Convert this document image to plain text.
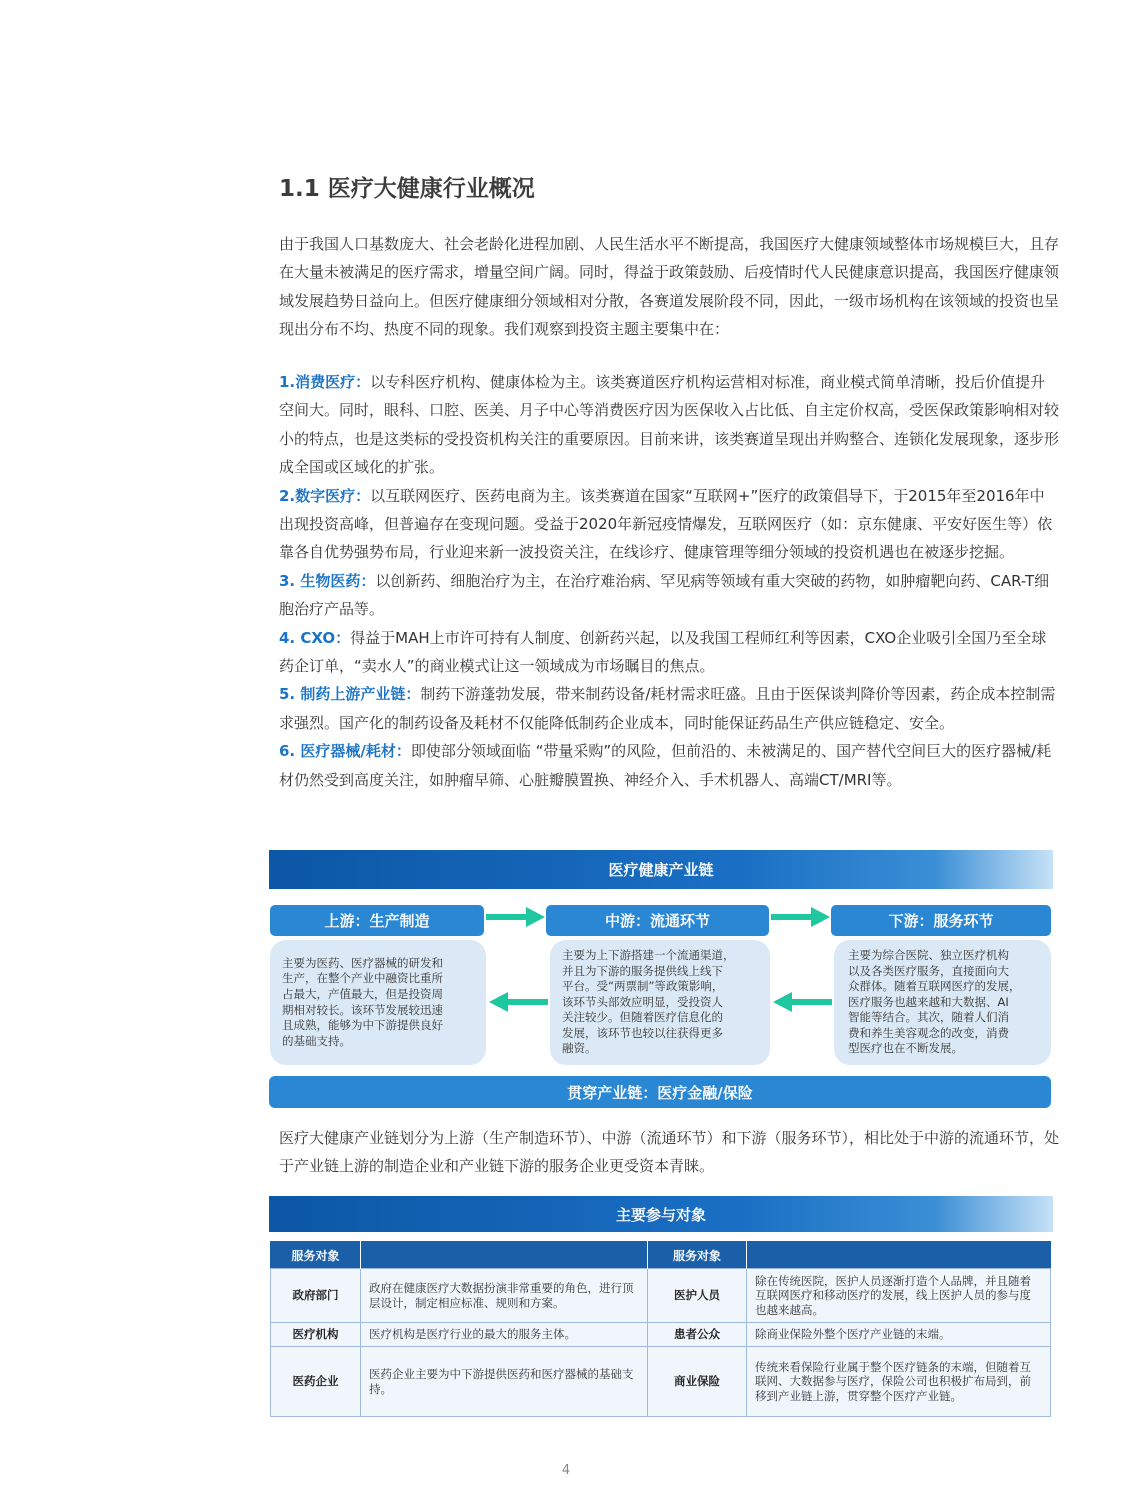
1.1 医疗大健康行业概况

由于我国人口基数庞大、社会老龄化进程加剧、人民生活水平不断提高，我国医疗大健康领域整体市场规模巨大，且存在大量未被满足的医疗需求，增量空间广阔。同时，得益于政策鼓励、后疫情时代人民健康意识提高，我国医疗健康领域发展趋势日益向上。但医疗健康细分领域相对分散，各赛道发展阶段不同，因此，一级市场机构在该领域的投资也呈现出分布不均、热度不同的现象。我们观察到投资主题主要集中在：

1.消费医疗：以专科医疗机构、健康体检为主。该类赛道医疗机构运营相对标准，商业模式简单清晰，投后价值提升空间大。同时，眼科、口腔、医美、月子中心等消费医疗因为医保收入占比低、自主定价权高，受医保政策影响相对较小的特点，也是这类标的受投资机构关注的重要原因。目前来讲，该类赛道呈现出并购整合、连锁化发展现象，逐步形成全国或区域化的扩张。

2.数字医疗：以互联网医疗、医药电商为主。该类赛道在国家“互联网+”医疗的政策倡导下，于2015年至2016年中出现投资高峰，但普遍存在变现问题。受益于2020年新冠疫情爆发，互联网医疗（如：京东健康、平安好医生等）依靠各自优势强势布局，行业迎来新一波投资关注，在线诊疗、健康管理等细分领域的投资机遇也在被逐步挖掘。

3. 生物医药：以创新药、细胞治疗为主，在治疗难治病、罕见病等领域有重大突破的药物，如肿瘤靶向药、CAR-T细胞治疗产品等。

4. CXO：得益于MAH上市许可持有人制度、创新药兴起，以及我国工程师红利等因素，CXO企业吸引全国乃至全球药企订单，“卖水人”的商业模式让这一领域成为市场瞩目的焦点。

5. 制药上游产业链：制药下游蓬勃发展，带来制药设备/耗材需求旺盛。且由于医保谈判降价等因素，药企成本控制需求强烈。国产化的制药设备及耗材不仅能降低制药企业成本，同时能保证药品生产供应链稳定、安全。

6. 医疗器械/耗材：即使部分领域面临 “带量采购”的风险，但前沿的、未被满足的、国产替代空间巨大的医疗器械/耗材仍然受到高度关注，如肿瘤早筛、心脏瓣膜置换、神经介入、手术机器人、高端CT/MRI等。

医疗健康产业链
上游：生产制造	中游：流通环节	下游：服务环节
主要为医药、医疗器械的研发和
生产，在整个产业中融资比重所
占最大，产值最大，但是投资周
期相对较长。该环节发展较迅速
且成熟，能够为中下游提供良好
的基础支持。
主要为上下游搭建一个流通渠道，
并且为下游的服务提供线上线下
平台。受“两票制”等政策影响，
该环节头部效应明显，受投资人
关注较少。但随着医疗信息化的
发展，该环节也较以往获得更多
融资。
主要为综合医院、独立医疗机构
以及各类医疗服务，直接面向大
众群体。随着互联网医疗的发展，
医疗服务也越来越和大数据、AI
智能等结合。其次，随着人们消
费和养生美容观念的改变，消费
型医疗也在不断发展。
贯穿产业链：医疗金融/保险

医疗大健康产业链划分为上游（生产制造环节）、中游（流通环节）和下游（服务环节），相比处于中游的流通环节，处于产业链上游的制造企业和产业链下游的服务企业更受资本青睐。

主要参与对象
服务对象		服务对象	
政府部门	政府在健康医疗大数据扮演非常重要的角色，进行顶层设计，制定相应标准、规则和方案。	医护人员	除在传统医院，医护人员逐渐打造个人品牌，并且随着互联网医疗和移动医疗的发展，线上医护人员的参与度也越来越高。
医疗机构	医疗机构是医疗行业的最大的服务主体。	患者公众	除商业保险外整个医疗产业链的末端。
医药企业	医药企业主要为中下游提供医药和医疗器械的基础支持。	商业保险	传统来看保险行业属于整个医疗链条的末端，但随着互联网、大数据参与医疗，保险公司也积极扩布局到，前移到产业链上游，贯穿整个医疗产业链。
4
